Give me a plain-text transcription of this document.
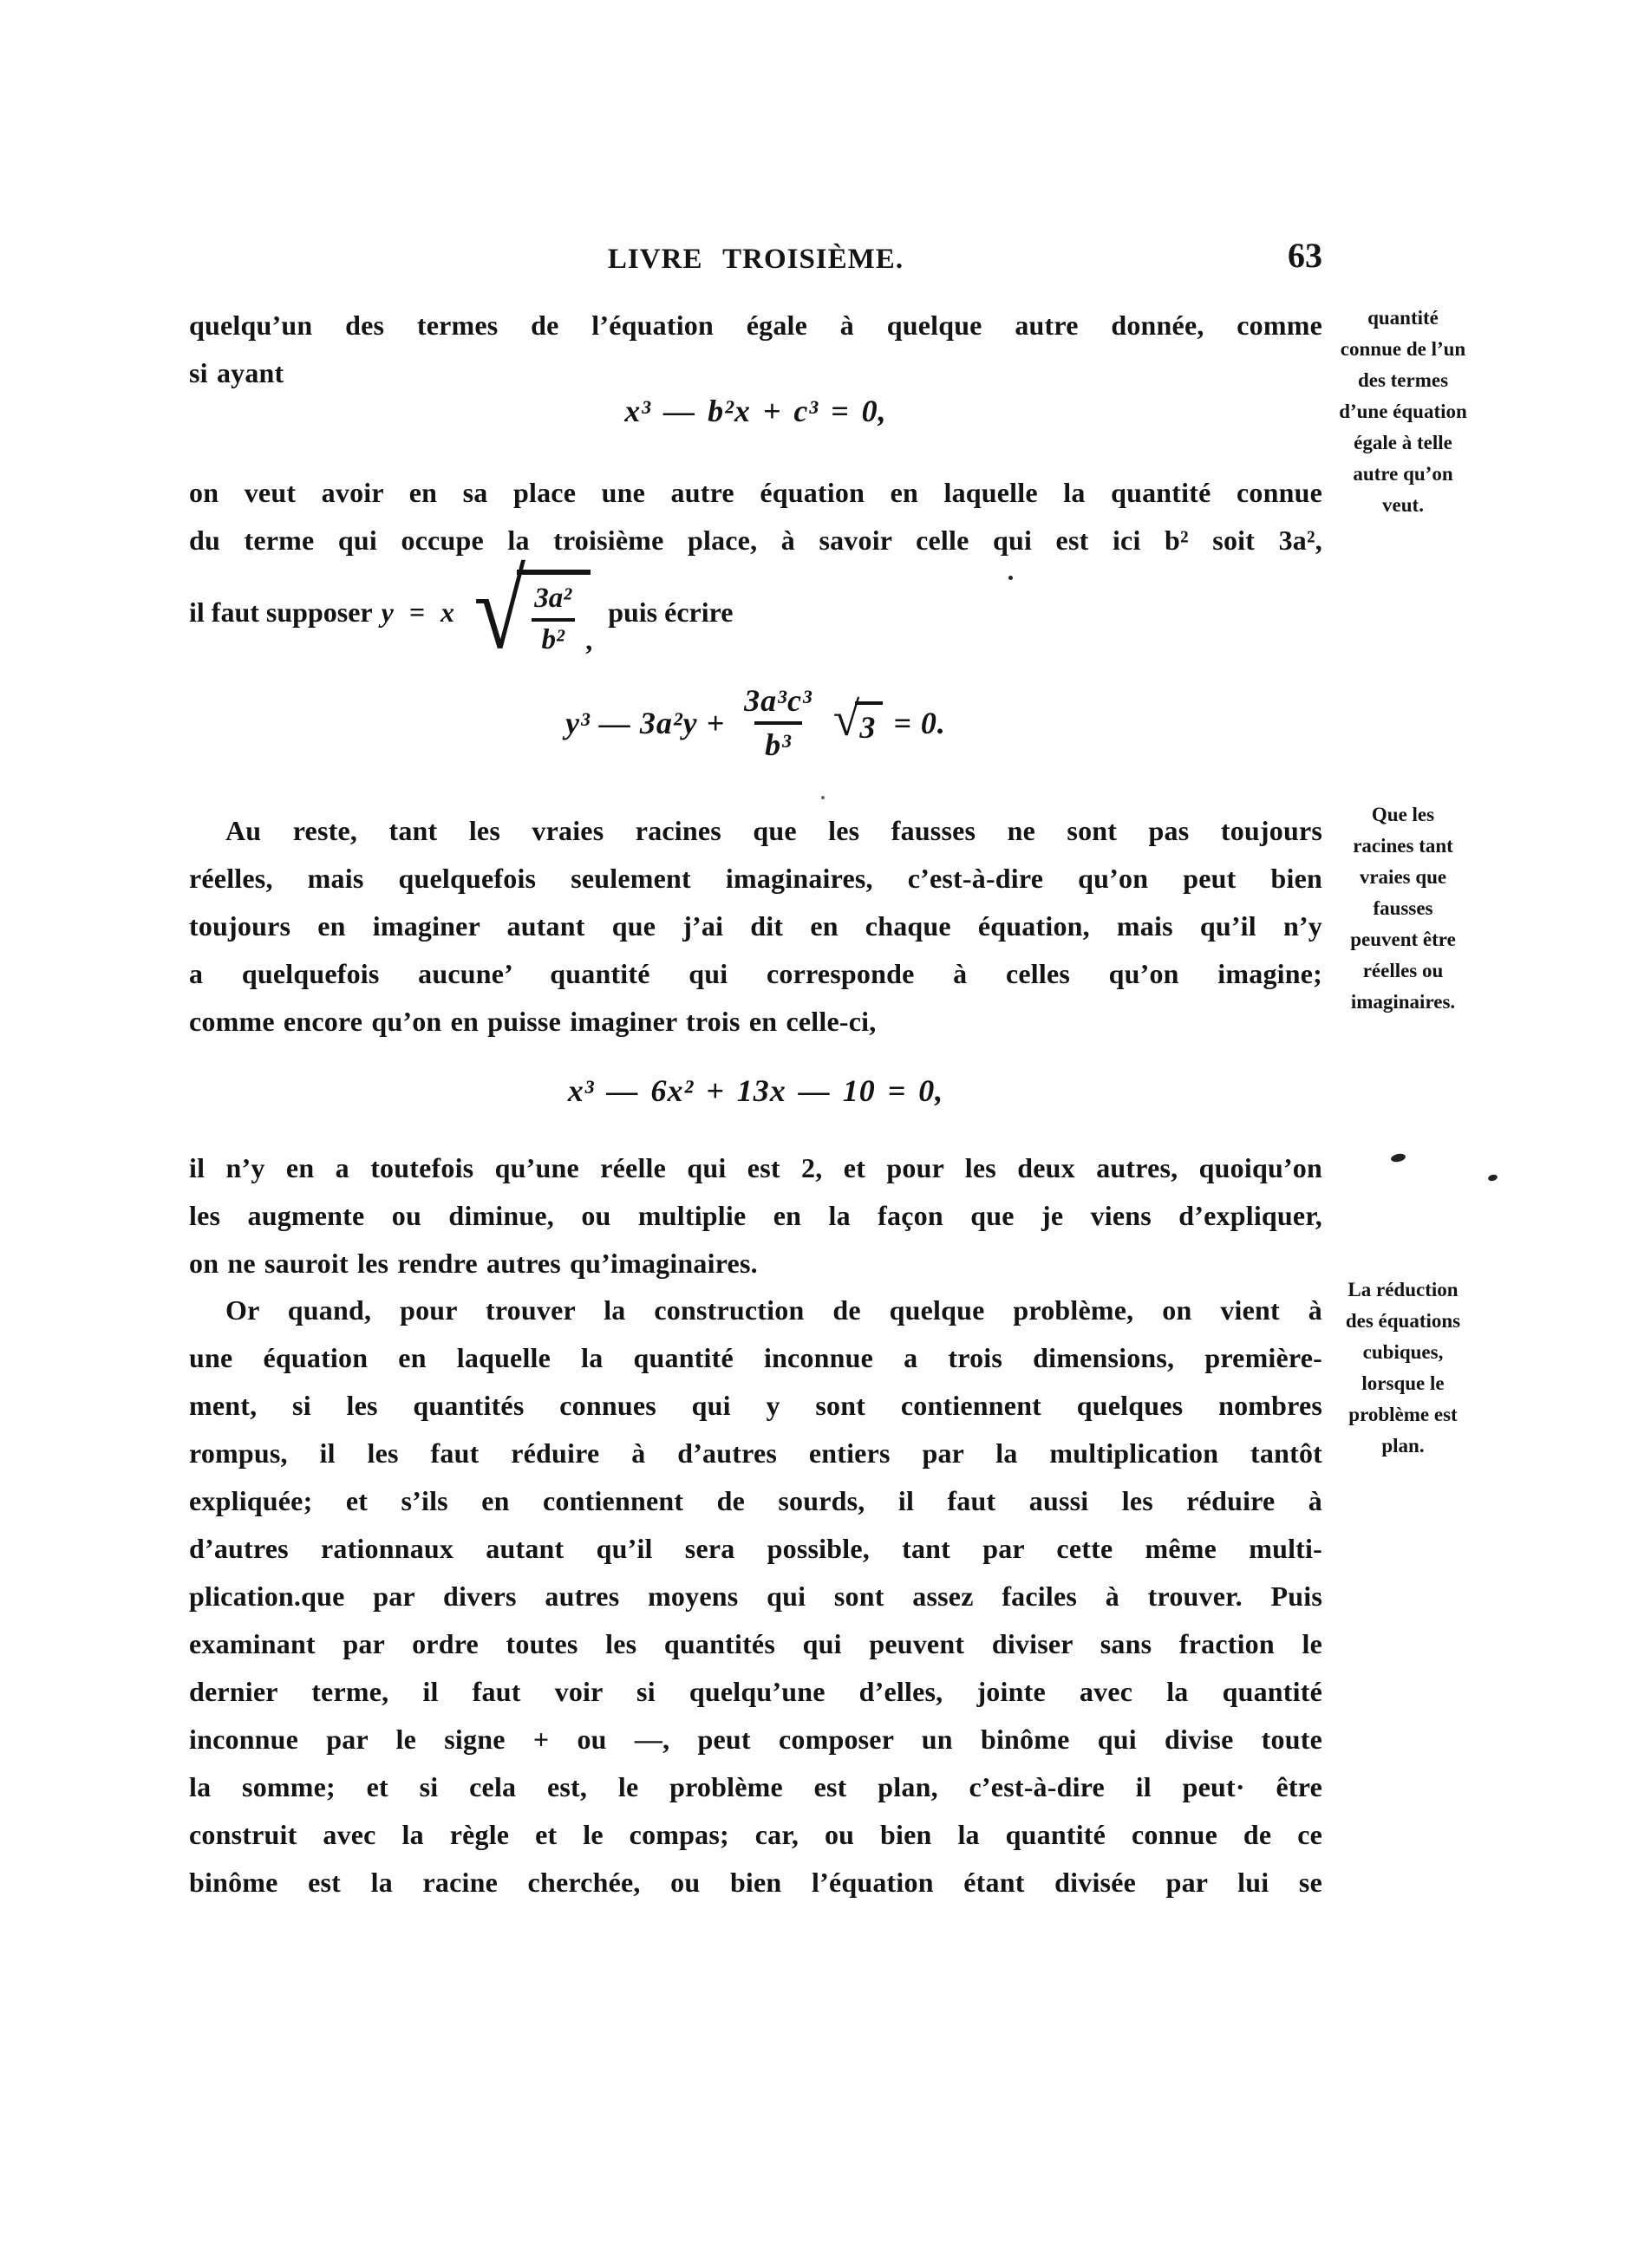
LIVRE TROISIÈME.	63
quelqu’un des termes de l’équation égale à quelque autre donnée, comme
si ayant
x³ — b²x + c³ = 0,
on veut avoir en sa place une autre équation en laquelle la quantité connue
du terme qui occupe la troisième place, à savoir celle qui est ici b² soit 3a²,
il faut supposer y = x √ $\frac{\text{3a²}}{\text{b²}}$ ,
puis écrire
y³ — $3a^2y + \frac{\text{3a³c³}}{\text{b³}}$ √ 3 = 0.
Au reste, tant les vraies racines que les fausses ne sont pas toujours
réelles, mais quelquefois seulement imaginaires, c’est-à-dire qu’on peut bien
toujours en imaginer autant que j’ai dit en chaque équation, mais qu’il n’y
a quelquefois aucune’ quantité qui corresponde à celles qu’on imagine;
comme encore qu’on en puisse imaginer trois en celle-ci,
x³ — 6x² + 13x — 10 = 0,
il n’y en a toutefois qu’une réelle qui est 2, et pour les deux autres, quoiqu’on
les augmente ou diminue, ou multiplie en la façon que je viens d’expliquer,
on ne sauroit les rendre autres qu’imaginaires.
Or quand, pour trouver la construction de quelque problème, on vient à
une équation en laquelle la quantité inconnue a trois dimensions, première-
ment, si les quantités connues qui y sont contiennent quelques nombres
rompus, il les faut réduire à d’autres entiers par la multiplication tantôt
expliquée; et s’ils en contiennent de sourds, il faut aussi les réduire à
d’autres rationnaux autant qu’il sera possible, tant par cette même multi-
plication.que par divers autres moyens qui sont assez faciles à trouver. Puis
examinant par ordre toutes les quantités qui peuvent diviser sans fraction le
dernier terme, il faut voir si quelqu’une d’elles, jointe avec la quantité
inconnue par le signe + ou —, peut composer un binôme qui divise toute
la somme; et si cela est, le problème est plan, c’est-à-dire il peut· être
construit avec la règle et le compas; car, ou bien la quantité connue de ce
binôme est la racine cherchée, ou bien l’équation étant divisée par lui se
quantité
connue de l’un
des termes
d’une équation
égale à telle
autre qu’on
veut.
Que les
racines tant
vraies que
fausses
peuvent être
réelles ou
imaginaires.
La réduction
des équations
cubiques,
lorsque le
problème est
plan.
